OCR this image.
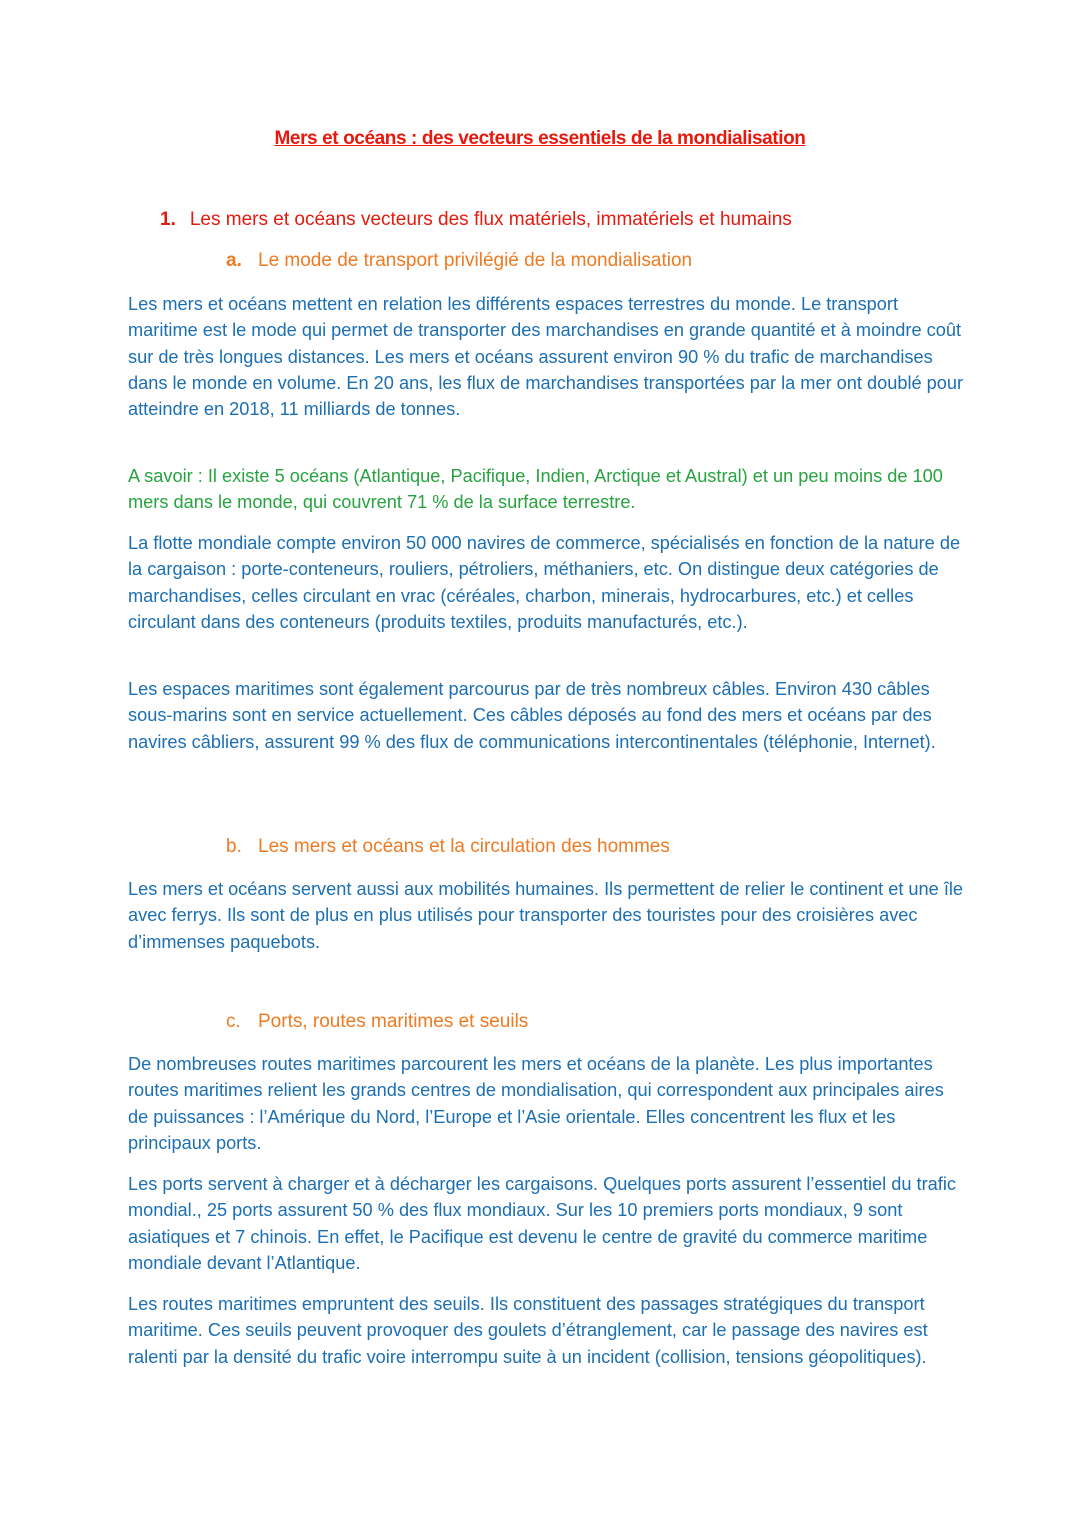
Mers et océans : des vecteurs essentiels de la mondialisation
1. Les mers et océans vecteurs des flux matériels, immatériels et humains
a. Le mode de transport privilégié de la mondialisation

Les mers et océans mettent en relation les différents espaces terrestres du monde. Le transport maritime est le mode qui permet de transporter des marchandises en grande quantité et à moindre coût sur de très longues distances. Les mers et océans assurent environ 90 % du trafic de marchandises dans le monde en volume. En 20 ans, les flux de marchandises transportées par la mer ont doublé pour atteindre en 2018, 11 milliards de tonnes.

A savoir : Il existe 5 océans (Atlantique, Pacifique, Indien, Arctique et Austral) et un peu moins de 100 mers dans le monde, qui couvrent 71 % de la surface terrestre.

La flotte mondiale compte environ 50 000 navires de commerce, spécialisés en fonction de la nature de la cargaison : porte-conteneurs, rouliers, pétroliers, méthaniers, etc. On distingue deux catégories de marchandises, celles circulant en vrac (céréales, charbon, minerais, hydrocarbures, etc.) et celles circulant dans des conteneurs (produits textiles, produits manufacturés, etc.).

Les espaces maritimes sont également parcourus par de très nombreux câbles. Environ 430 câbles sous-marins sont en service actuellement. Ces câbles déposés au fond des mers et océans par des navires câbliers, assurent 99 % des flux de communications intercontinentales (téléphonie, Internet).

b. Les mers et océans et la circulation des hommes

Les mers et océans servent aussi aux mobilités humaines. Ils permettent de relier le continent et une île avec ferrys. Ils sont de plus en plus utilisés pour transporter des touristes pour des croisières avec d’immenses paquebots.

c. Ports, routes maritimes et seuils

De nombreuses routes maritimes parcourent les mers et océans de la planète. Les plus importantes routes maritimes relient les grands centres de mondialisation, qui correspondent aux principales aires de puissances : l’Amérique du Nord, l’Europe et l’Asie orientale. Elles concentrent les flux et les principaux ports.

Les ports servent à charger et à décharger les cargaisons. Quelques ports assurent l’essentiel du trafic mondial., 25 ports assurent 50 % des flux mondiaux. Sur les 10 premiers ports mondiaux, 9 sont asiatiques et 7 chinois. En effet, le Pacifique est devenu le centre de gravité du commerce maritime mondiale devant l’Atlantique.

Les routes maritimes empruntent des seuils. Ils constituent des passages stratégiques du transport maritime. Ces seuils peuvent provoquer des goulets d’étranglement, car le passage des navires est ralenti par la densité du trafic voire interrompu suite à un incident (collision, tensions géopolitiques).
